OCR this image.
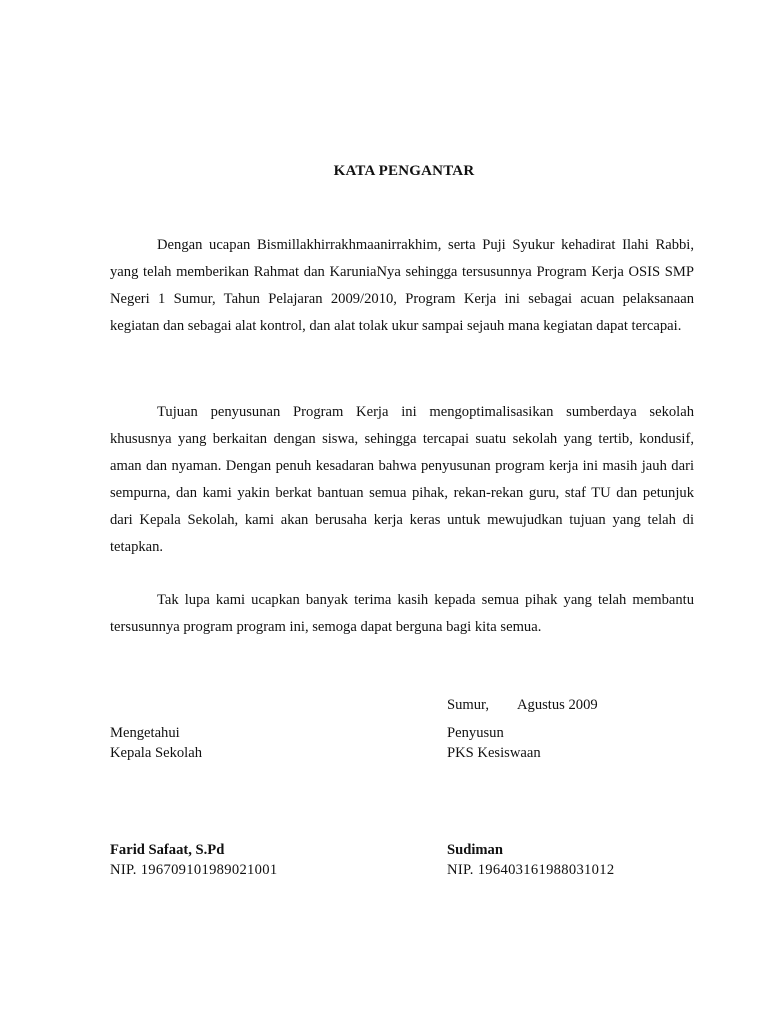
KATA PENGANTAR

Dengan ucapan Bismillakhirrakhmaanirrakhim, serta Puji Syukur kehadirat Ilahi Rabbi, yang telah memberikan Rahmat dan KaruniaNya sehingga tersusunnya Program Kerja OSIS SMP Negeri 1 Sumur, Tahun Pelajaran 2009/2010, Program Kerja ini sebagai acuan pelaksanaan kegiatan dan sebagai alat kontrol, dan alat tolak ukur sampai sejauh mana kegiatan dapat tercapai.

Tujuan penyusunan Program Kerja ini mengoptimalisasikan sumberdaya sekolah khususnya yang berkaitan dengan siswa, sehingga tercapai suatu sekolah yang tertib, kondusif, aman dan nyaman. Dengan penuh kesadaran bahwa penyusunan program kerja ini masih jauh dari sempurna, dan kami yakin berkat bantuan semua pihak, rekan-rekan guru, staf TU dan petunjuk dari Kepala Sekolah, kami akan berusaha kerja keras untuk mewujudkan tujuan yang telah di tetapkan.

Tak lupa kami ucapkan banyak terima kasih kepada semua pihak yang telah membantu tersusunnya program program ini, semoga dapat berguna bagi kita semua.

Sumur, Agustus 2009
Mengetahui
Kepala Sekolah
Penyusun
PKS Kesiswaan
Farid Safaat, S.Pd
NIP. 196709101989021001
Sudiman
NIP. 196403161988031012
